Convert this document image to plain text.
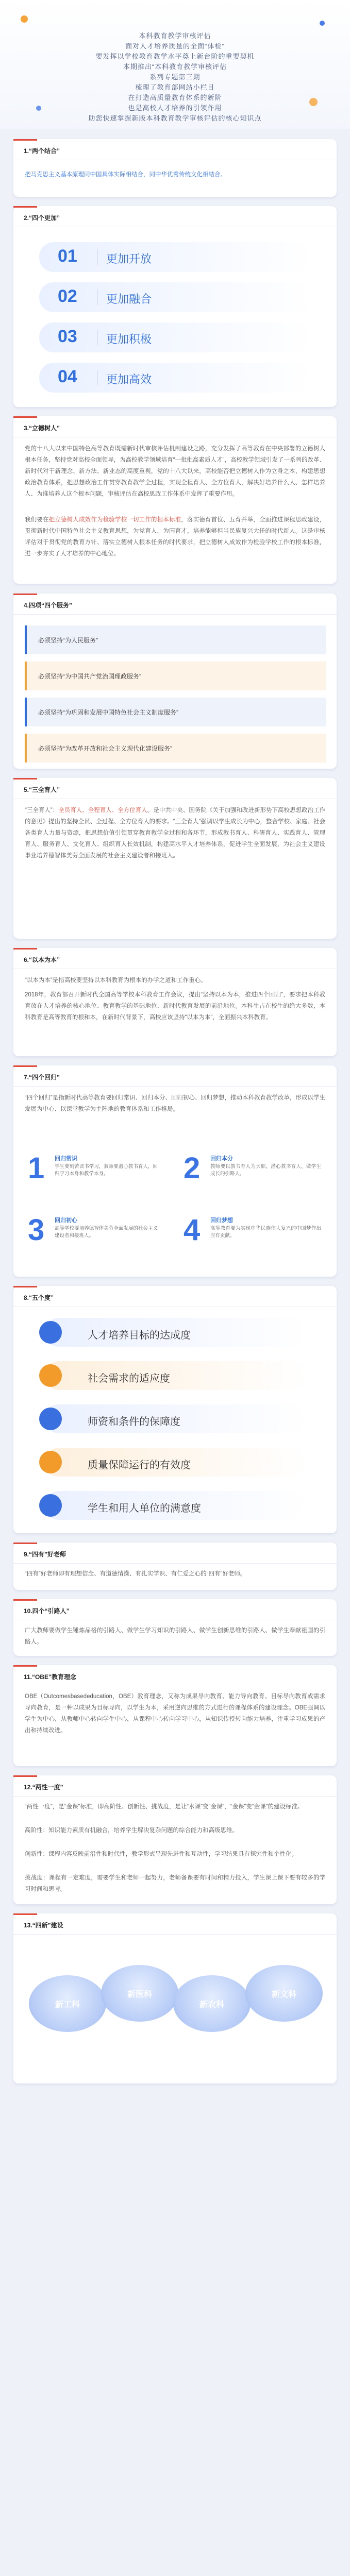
本科教育教学审核评估

面对人才培养质量的全面“体检”

要发挥以学校教育教学水平奠上新台阶的重要契机

本期推出“本科教育教学审核评估

系列专题第三期

梳理了教育部网站小栏目

在打造高质量教育体系的新阶

也是高校人才培养的引领作用

助您快速掌握新版本科教育教学审核评估的核心知识点

1.“两个结合”
把马克思主义基本原理同中国具体实际相结合，同中华优秀传统文化相结合。
2.“四个更加”
01	更加开放
02	更加融合
03	更加积极
04	更加高效
3.“立德树人”
党的十八大以来中国特色高等教育既需新时代审核评估机制建设之路，充分发挥了高等教育在中央部署的立德树人根本任务，坚持党对高校全面领导，为高校教学领域培育“一批批高素质人才”，高校教学领域引发了一系列的改革、新时代对于新理念、新方法、新业态的高度重视，党的十八大以来，高校能否把立德树人作为立身之本，构建思想政治教育体系，把思想政治工作贯穿教育教学全过程，实现全程育人、全方位育人，解决好培养什么人、怎样培养人、为谁培养人这个根本问题，审核评估在高校思政工作体系中发挥了重要作用。
我们要在把立德树人成效作为检验学校一切工作的根本标准，落实德育首位、五育并举，全面推进课程思政建设，贯彻新时代中国特色社会主义教育思想，为党育人，为国育才，培养能够担当民族复兴大任的时代新人。这是审核评估对于贯彻党的教育方针、落实立德树人根本任务的时代要求，把立德树人成效作为检验学校工作的根本标准，进一步夯实了人才培养的中心地位。
4.四项“四个服务”
必须坚持“为人民服务”
必须坚持“为中国共产党治国理政服务”
必须坚持“为巩固和发展中国特色社会主义制度服务”
必须坚持“为改革开放和社会主义现代化建设服务”
5.“三全育人”
“三全育人”：全员育人、全程育人、全方位育人。是中共中央、国务院《关于加强和改进新形势下高校思想政治工作的意见》提出的坚持全员、全过程、全方位育人的要求。“三全育人”强调以学生成长为中心，整合学校、家庭、社会各类育人力量与资源，把思想价值引领贯穿教育教学全过程和各环节，形成教书育人、科研育人、实践育人、管理育人、服务育人、文化育人、组织育人长效机制，构建高水平人才培养体系，促进学生全面发展，为社会主义建设事业培养德智体美劳全面发展的社会主义建设者和接班人。
6.“以本为本”
“以本为本”是指高校要坚持以本科教育为根本的办学之道和工作重心。
2018年，教育部召开新时代全国高等学校本科教育工作会议，提出“坚持以本为本，推进四个回归”，要求把本科教育放在人才培养的核心地位、教育教学的基础地位、新时代教育发展的前沿地位。本科生占在校生的绝大多数，本科教育是高等教育的根和本，在新时代背景下，高校应该坚持“以本为本”，全面振兴本科教育。
7.“四个回归”
“四个回归”是指新时代高等教育要回归常识、回归本分、回归初心、回归梦想，推动本科教育教学改革，形成以学生发展为中心、以课堂教学为主阵地的教育体系和工作格局。
1	回归常识
学生要刻苦读书学习，教师要潜心教书育人，回归学习本身和教学本身。	2	回归本分
教师要以教书育人为天职，潜心教书育人、做学生成长的引路人。
3	回归初心
高等学校要培养德智体美劳全面发展的社会主义建设者和接班人。	4	回归梦想
高等教育要为实现中华民族伟大复兴的中国梦作出应有贡献。
8.“五个度”
人才培养目标的达成度
社会需求的适应度
师资和条件的保障度
质量保障运行的有效度
学生和用人单位的满意度
9.“四有”好老师
“四有”好老师即有理想信念、有道德情操、有扎实学识、有仁爱之心的“四有”好老师。
10.四个“引路人”
广大教师要做学生锤炼品格的引路人、做学生学习知识的引路人、做学生创新思维的引路人、做学生奉献祖国的引路人。
11.“OBE”教育理念
OBE（Outcomesbasededucation，OBE）教育理念，又称为成果导向教育、能力导向教育、目标导向教育或需求导向教育，是一种以成果为目标导向，以学生为本，采用逆向思维的方式进行的课程体系的建设理念。OBE强调以学生为中心，从教师中心转向学生中心，从课程中心转向学习中心，从知识传授转向能力培养，注重学习成果的产出和持续改进。
12.“两性一度”
“两性一度”，是“金课”标准，即高阶性、创新性、挑战度，是让“水课”变“金课”，“金课”变“金课”的建设标准。
高阶性：知识能力素质有机融合，培养学生解决复杂问题的综合能力和高级思维。
创新性：课程内容反映前沿性和时代性，教学形式呈现先进性和互动性，学习结果具有探究性和个性化。
挑战度：课程有一定难度，需要学生和老师一起努力，老师备课要有时间和精力投入，学生课上课下要有较多的学习时间和思考。
13.“四新”建设
新工科
新医科
新农科
新文科
